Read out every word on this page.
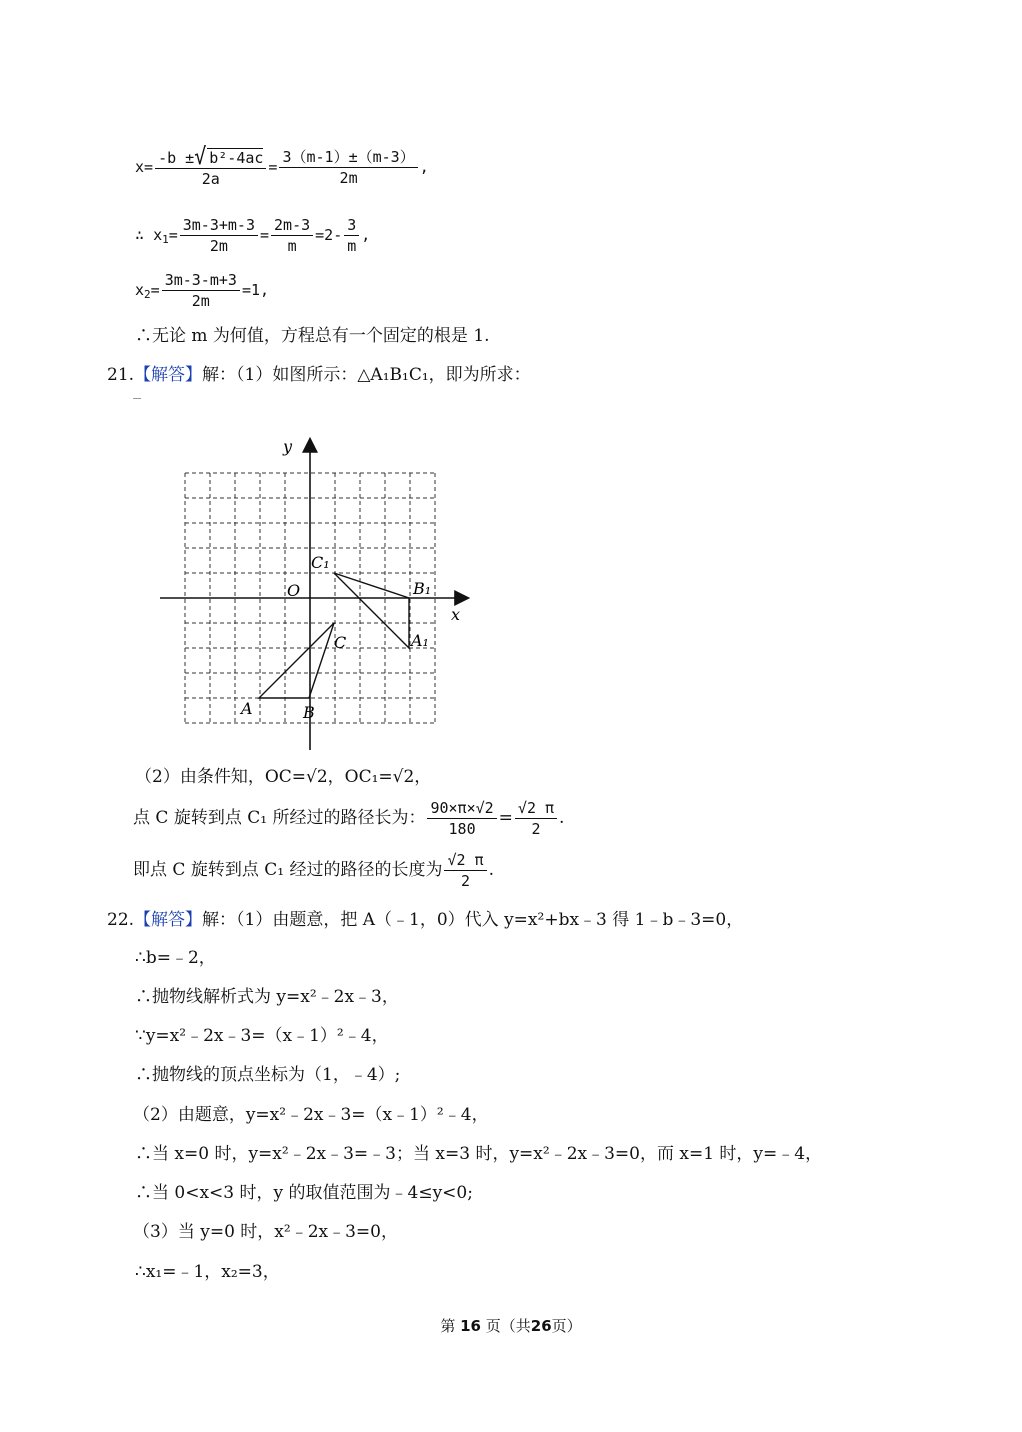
$x= \frac{\text{-b ±√ b²-4ac}}{2a} = \frac{3(m-1)\pm(m-3)}{2m}$ ,
∴ $x_1= \frac{3m-3+m-3}{2m} = \frac{2m-3}{m} =2- \frac{3}{m}$ ,
$x_2= \frac{3m-3-m+3}{2m} =1$,
∴无论 m 为何值，方程总有一个固定的根是 1.
21.【解答】解：（1）如图所示：△A₁B₁C₁，即为所求：
y
x
O
C₁
B₁
A₁
C
A	B
（2）由条件知，OC=√2，OC₁=√2，
点 C 旋转到点 C₁ 所经过的路径长为： $\frac{90\times\pi\times√2}{180} = \frac{√2 \pi}{2}$ .
即点 C 旋转到点 C₁ 经过的路径的长度为 $\frac{√2 \pi}{2}$ .
22.【解答】解：（1）由题意，把 A（﹣1，0）代入 y=x²+bx﹣3 得 1﹣b﹣3=0，
∴b=﹣2，
∴抛物线解析式为 y=x²﹣2x﹣3，
∵y=x²﹣2x﹣3=（x﹣1）²﹣4，
∴抛物线的顶点坐标为（1，﹣4）;
（2）由题意，y=x²﹣2x﹣3=（x﹣1）²﹣4，
∴当 x=0 时，y=x²﹣2x﹣3=﹣3；当 x=3 时，y=x²﹣2x﹣3=0，而 x=1 时，y=﹣4，
∴当 0<x<3 时，y 的取值范围为﹣4≤y<0;
（3）当 y=0 时，x²﹣2x﹣3=0，
∴x₁=﹣1，x₂=3，
第 16 页（共26页）
